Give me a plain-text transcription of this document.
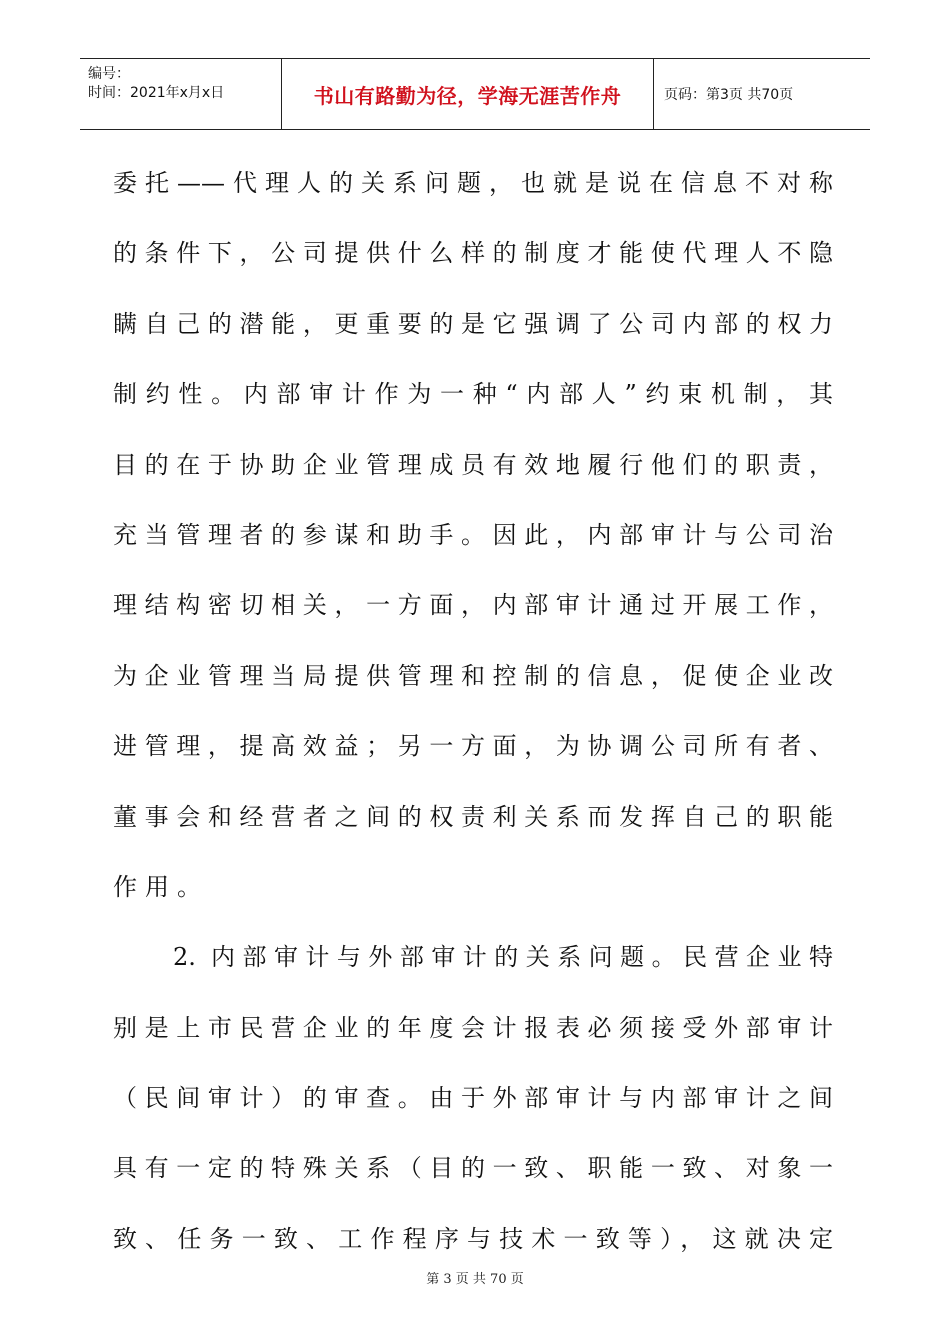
编号：
时间：2021年x月x日	书山有路勤为径，学海无涯苦作舟	页码：第3页 共70页
委托——代理人的关系问题，也就是说在信息不对称
的条件下，公司提供什么样的制度才能使代理人不隐
瞒自己的潜能，更重要的是它强调了公司内部的权力
制约性。内部审计作为一种“内部人”约束机制，其
目的在于协助企业管理成员有效地履行他们的职责，
充当管理者的参谋和助手。因此，内部审计与公司治
理结构密切相关，一方面，内部审计通过开展工作，
为企业管理当局提供管理和控制的信息，促使企业改
进管理，提高效益；另一方面，为协调公司所有者、
董事会和经营者之间的权责利关系而发挥自己的职能
作用。
2. 内部审计与外部审计的关系问题。民营企业特
别是上市民营企业的年度会计报表必须接受外部审计
（民间审计）的审查。由于外部审计与内部审计之间
具有一定的特殊关系（目的一致、职能一致、对象一
致、任务一致、工作程序与技术一致等），这就决定
第 3 页 共 70 页
